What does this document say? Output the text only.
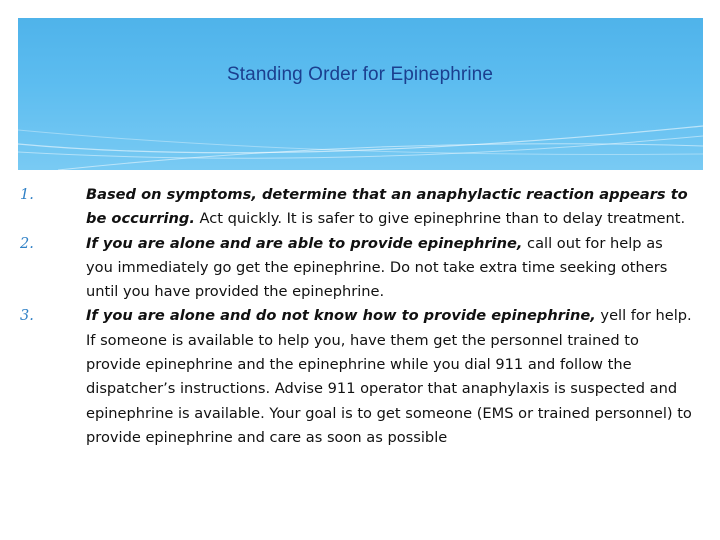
Standing Order for Epinephrine
1.	Based on symptoms, determine that an anaphylactic reaction appears to be occurring. Act quickly. It is safer to give epinephrine than to delay treatment.
2.	If you are alone and are able to provide epinephrine, call out for help as you immediately go get the epinephrine. Do not take extra time seeking others until you have provided the epinephrine.
3.	If you are alone and do not know how to provide epinephrine, yell for help. If someone is available to help you, have them get the personnel trained to provide epinephrine and the epinephrine while you dial 911 and follow the dispatcher’s instructions. Advise 911 operator that anaphylaxis is suspected and epinephrine is available. Your goal is to get someone (EMS or trained personnel) to provide epinephrine and care as soon as possible
